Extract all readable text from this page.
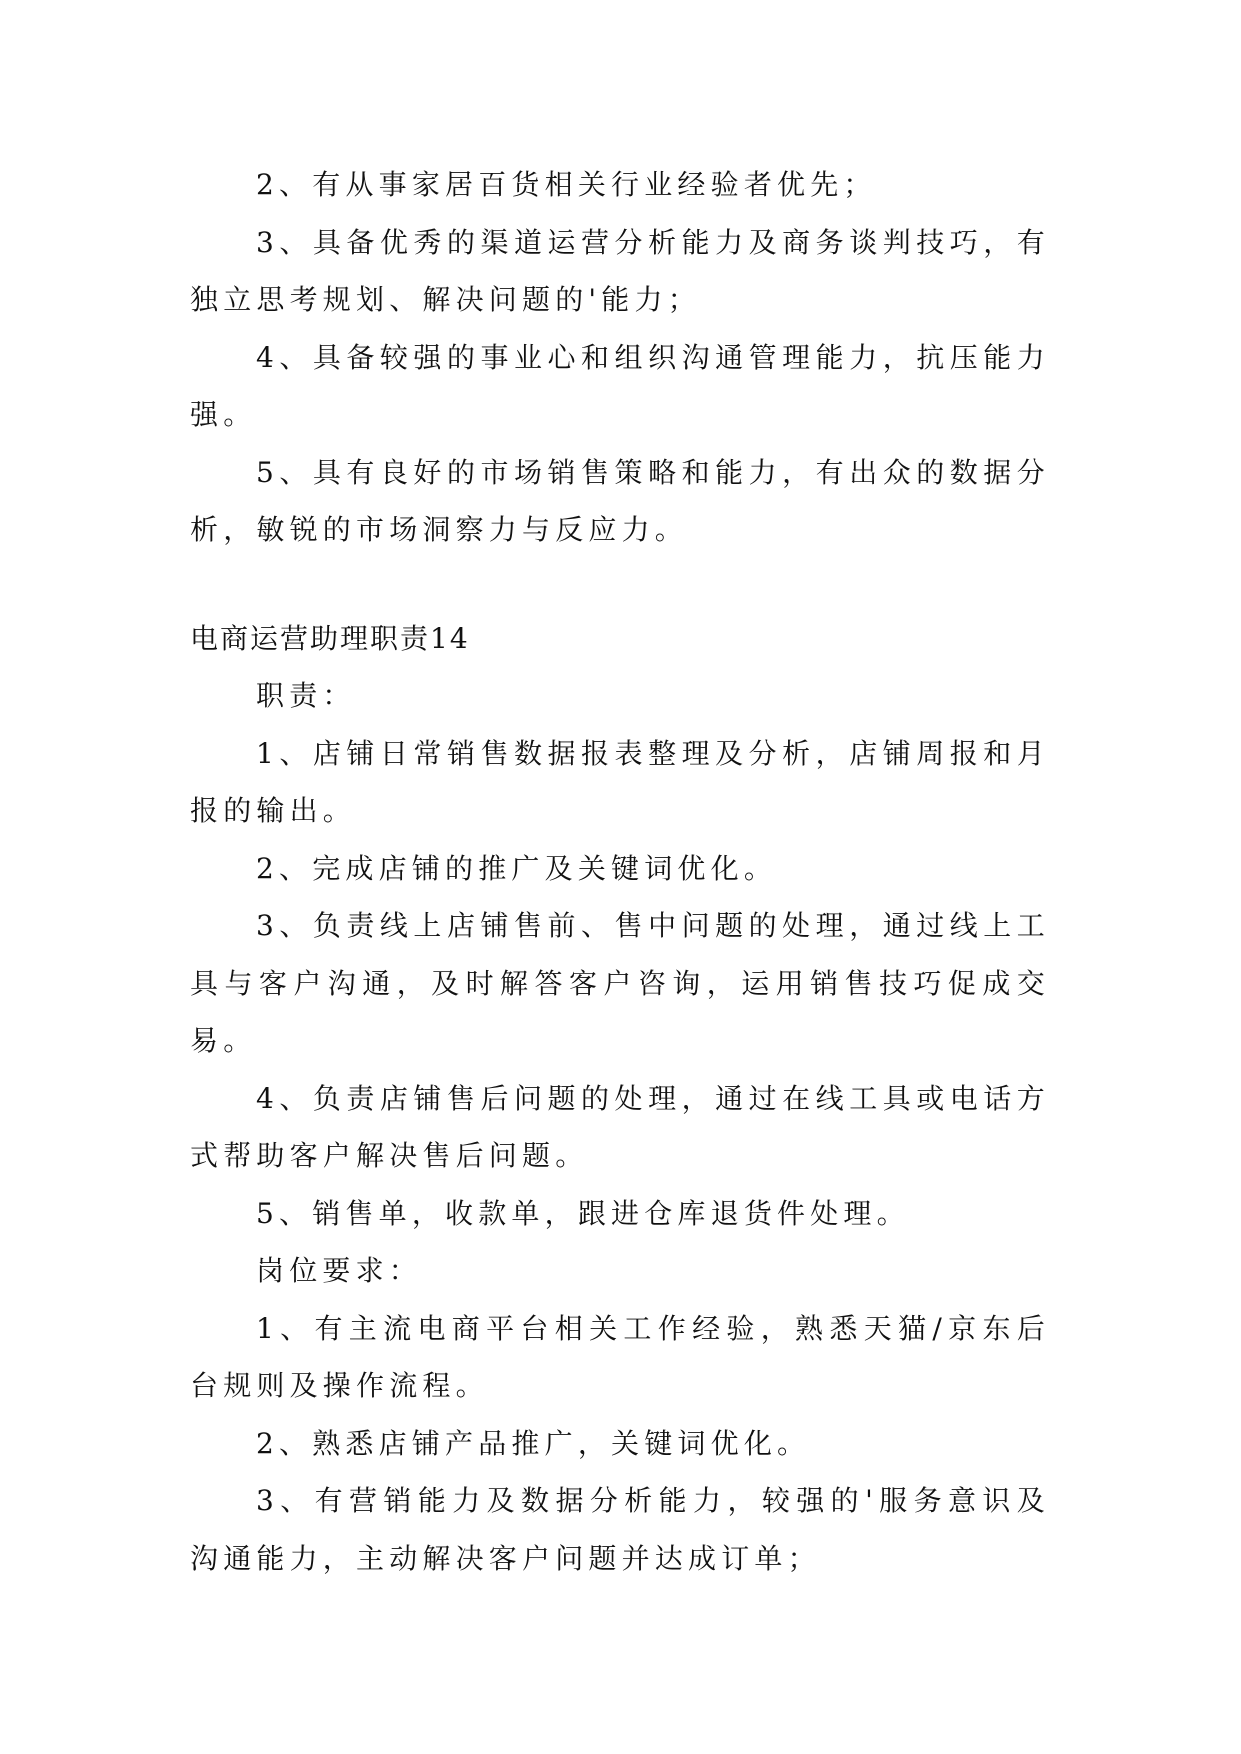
2、有从事家居百货相关行业经验者优先；

3、具备优秀的渠道运营分析能力及商务谈判技巧，有独立思考规划、解决问题的'能力；

4、具备较强的事业心和组织沟通管理能力，抗压能力强。

5、具有良好的市场销售策略和能力，有出众的数据分析，敏锐的市场洞察力与反应力。

电商运营助理职责14

职责：

1、店铺日常销售数据报表整理及分析，店铺周报和月报的输出。

2、完成店铺的推广及关键词优化。

3、负责线上店铺售前、售中问题的处理，通过线上工具与客户沟通，及时解答客户咨询，运用销售技巧促成交易。

4、负责店铺售后问题的处理，通过在线工具或电话方式帮助客户解决售后问题。

5、销售单，收款单，跟进仓库退货件处理。

岗位要求：

1、有主流电商平台相关工作经验，熟悉天猫/京东后台规则及操作流程。

2、熟悉店铺产品推广，关键词优化。

3、有营销能力及数据分析能力，较强的'服务意识及沟通能力，主动解决客户问题并达成订单；
